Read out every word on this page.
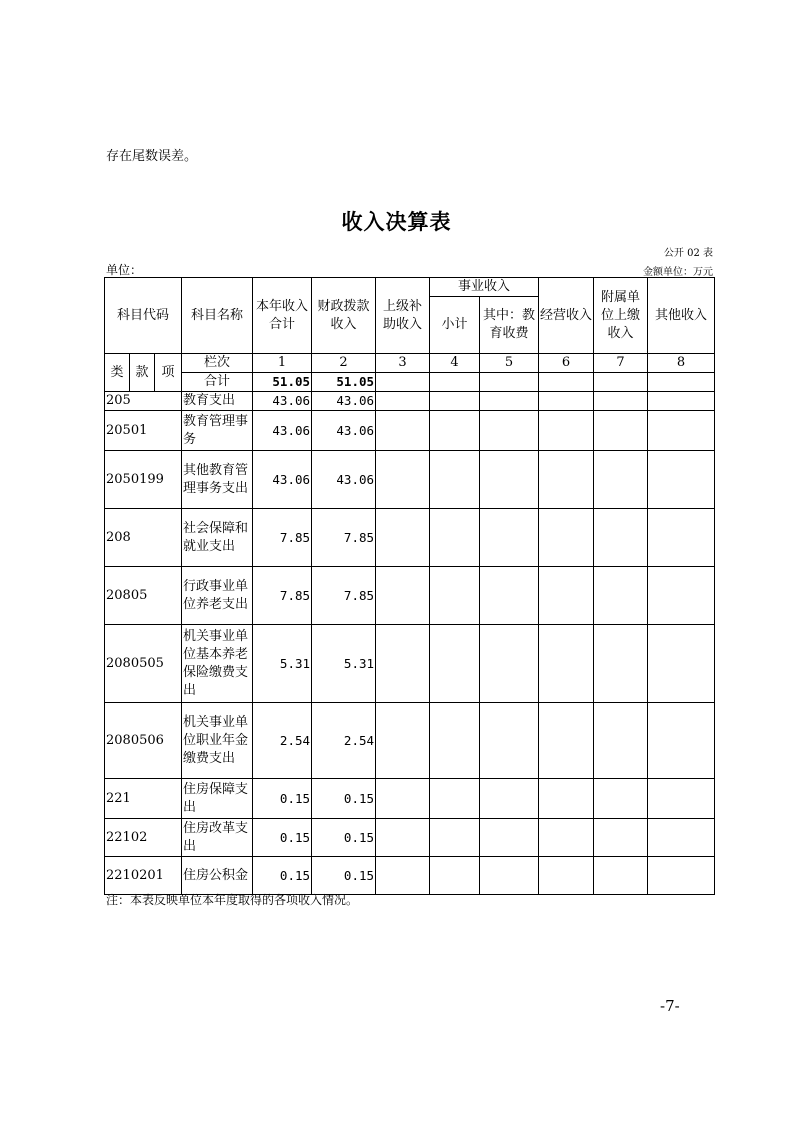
存在尾数误差。
收入决算表
公开 02 表
单位：	金额单位：万元
科目代码			科目名称	本年收入合计	财政拨款收入	上级补助收入	事业收入		经营收入	附属单位上缴收入	其他收入
							小计	其中：教育收费			
类	款	项	栏次	1	2	3	4	5	6	7	8
			合计	51.05	51.05						
205			教育支出	43.06	43.06						
20501			教育管理事务	43.06	43.06						
2050199			其他教育管理事务支出	43.06	43.06						
208			社会保障和就业支出	7.85	7.85						
20805			行政事业单位养老支出	7.85	7.85						
2080505			机关事业单位基本养老保险缴费支出	5.31	5.31						
2080506			机关事业单位职业年金缴费支出	2.54	2.54						
221			住房保障支出	0.15	0.15						
22102			住房改革支出	0.15	0.15						
2210201			住房公积金	0.15	0.15						
注：本表反映单位本年度取得的各项收入情况。
-7-
